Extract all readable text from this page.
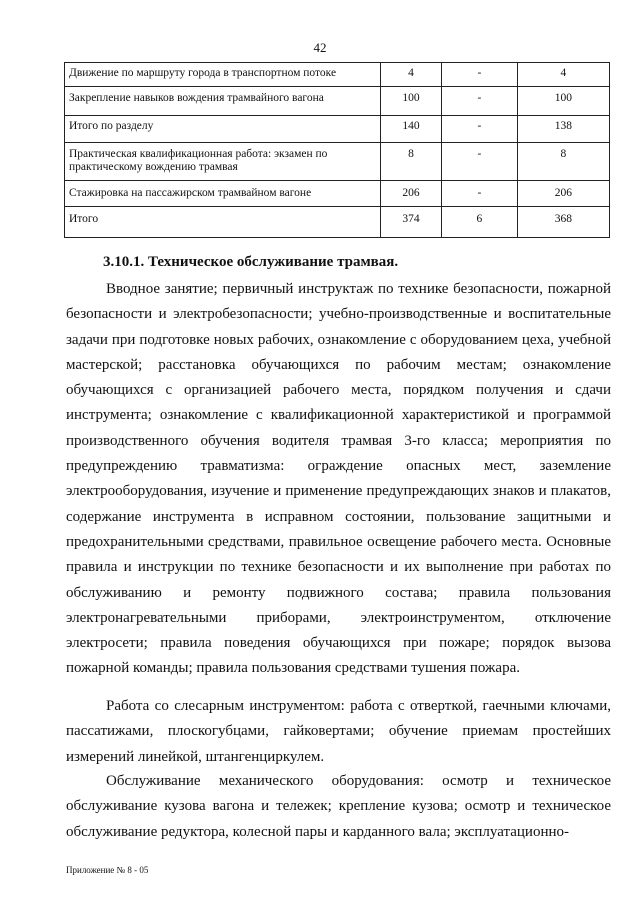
42
Движение по маршруту города в транспортном потоке	4	-	4
Закрепление навыков вождения трамвайного вагона	100	-	100
Итого по разделу	140	-	138
Практическая квалификационная работа: экзамен по практическому вождению трамвая	8	-	8
Стажировка на пассажирском трамвайном вагоне	206	-	206
Итого	374	6	368
3.10.1. Техническое обслуживание трамвая.

Вводное занятие; первичный инструктаж по технике безопасности, пожарной безопасности и электробезопасности; учебно-производственные и воспитательные задачи при подготовке новых рабочих, ознакомление с оборудованием цеха, учебной мастерской; расстановка обучающихся по рабочим местам; ознакомление обучающихся с организацией рабочего места, порядком получения и сдачи инструмента; ознакомление с квалификационной характеристикой и программой производственного обучения водителя трамвая 3-го класса; мероприятия по предупреждению травматизма: ограждение опасных мест, заземление электрооборудования, изучение и применение предупреждающих знаков и плакатов, содержание инструмента в исправном состоянии, пользование защитными и предохранительными средствами, правильное освещение рабочего места. Основные правила и инструкции по технике безопасности и их выполнение при работах по обслуживанию и ремонту подвижного состава; правила пользования электронагревательными приборами, электроинструментом, отключение электросети; правила поведения обучающихся при пожаре; порядок вызова пожарной команды; правила пользования средствами тушения пожара.

Работа со слесарным инструментом: работа с отверткой, гаечными ключами, пассатижами, плоскогубцами, гайковертами; обучение приемам простейших измерений линейкой, штангенциркулем.

Обслуживание механического оборудования: осмотр и техническое обслуживание кузова вагона и тележек; крепление кузова; осмотр и техническое обслуживание редуктора, колесной пары и карданного вала; эксплуатационно-

Приложение № 8 - 05
